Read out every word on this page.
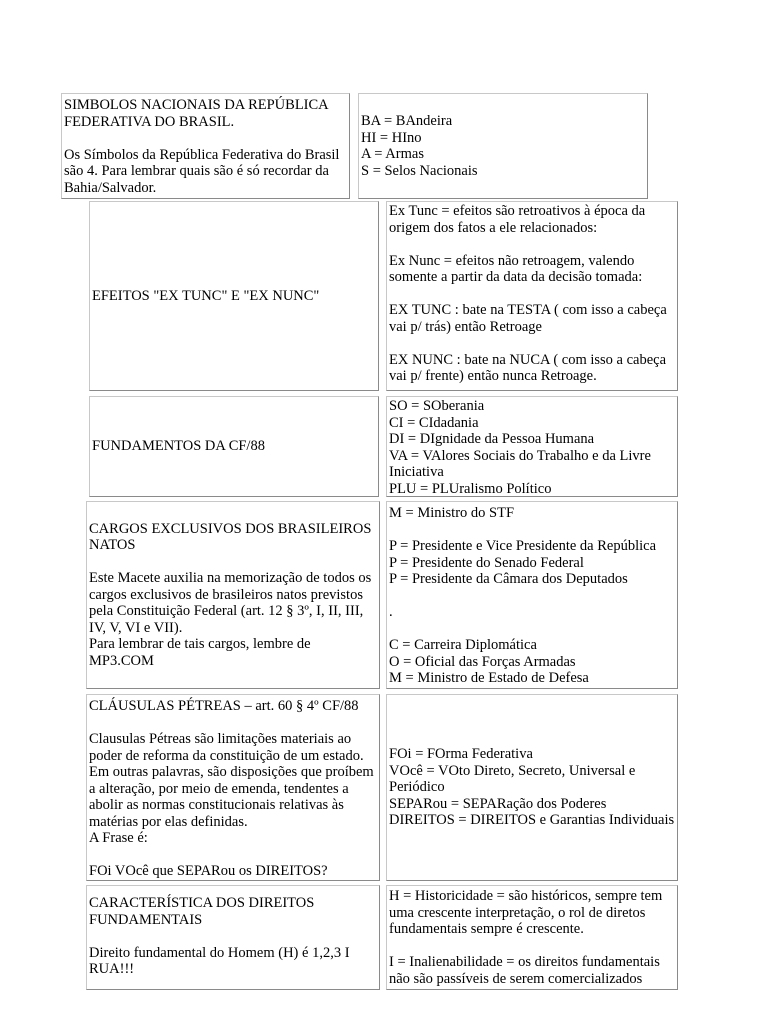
SIMBOLOS NACIONAIS DA REPÚBLICA FEDERATIVA DO BRASIL.

Os Símbolos da República Federativa do Brasil são 4. Para lembrar quais são é só recordar da Bahia/Salvador.

BA = BAndeira

HI = HIno

A = Armas

S = Selos Nacionais

EFEITOS "EX TUNC" E "EX NUNC"

Ex Tunc = efeitos são retroativos à época da origem dos fatos a ele relacionados:

Ex Nunc = efeitos não retroagem, valendo somente a partir da data da decisão tomada:

EX TUNC : bate na TESTA ( com isso a cabeça vai p/ trás) então Retroage

EX NUNC : bate na NUCA ( com isso a cabeça vai p/ frente) então nunca Retroage.

FUNDAMENTOS DA CF/88

SO = SOberania

CI = CIdadania

DI = DIgnidade da Pessoa Humana

VA = VAlores Sociais do Trabalho e da Livre Iniciativa

PLU = PLUralismo Político

CARGOS EXCLUSIVOS DOS BRASILEIROS NATOS

Este Macete auxilia na memorização de todos os cargos exclusivos de brasileiros natos previstos pela Constituição Federal (art. 12 § 3º, I, II, III, IV, V, VI e VII).

Para lembrar de tais cargos, lembre de MP3.COM

M = Ministro do STF

P = Presidente e Vice Presidente da República

P = Presidente do Senado Federal

P = Presidente da Câmara dos Deputados

.

C = Carreira Diplomática

O = Oficial das Forças Armadas

M = Ministro de Estado de Defesa

CLÁUSULAS PÉTREAS – art. 60 § 4º CF/88

Clausulas Pétreas são limitações materiais ao poder de reforma da constituição de um estado. Em outras palavras, são disposições que proíbem a alteração, por meio de emenda, tendentes a abolir as normas constitucionais relativas às matérias por elas definidas.

A Frase é:

FOi VOcê que SEPARou os DIREITOS?

FOi = FOrma Federativa

VOcê = VOto Direto, Secreto, Universal e Periódico

SEPARou = SEPARação dos Poderes

DIREITOS = DIREITOS e Garantias Individuais

CARACTERÍSTICA DOS DIREITOS FUNDAMENTAIS

Direito fundamental do Homem (H) é 1,2,3 I RUA!!!

H = Historicidade = são históricos, sempre tem uma crescente interpretação, o rol de diretos fundamentais sempre é crescente.

I = Inalienabilidade = os direitos fundamentais não são passíveis de serem comercializados
